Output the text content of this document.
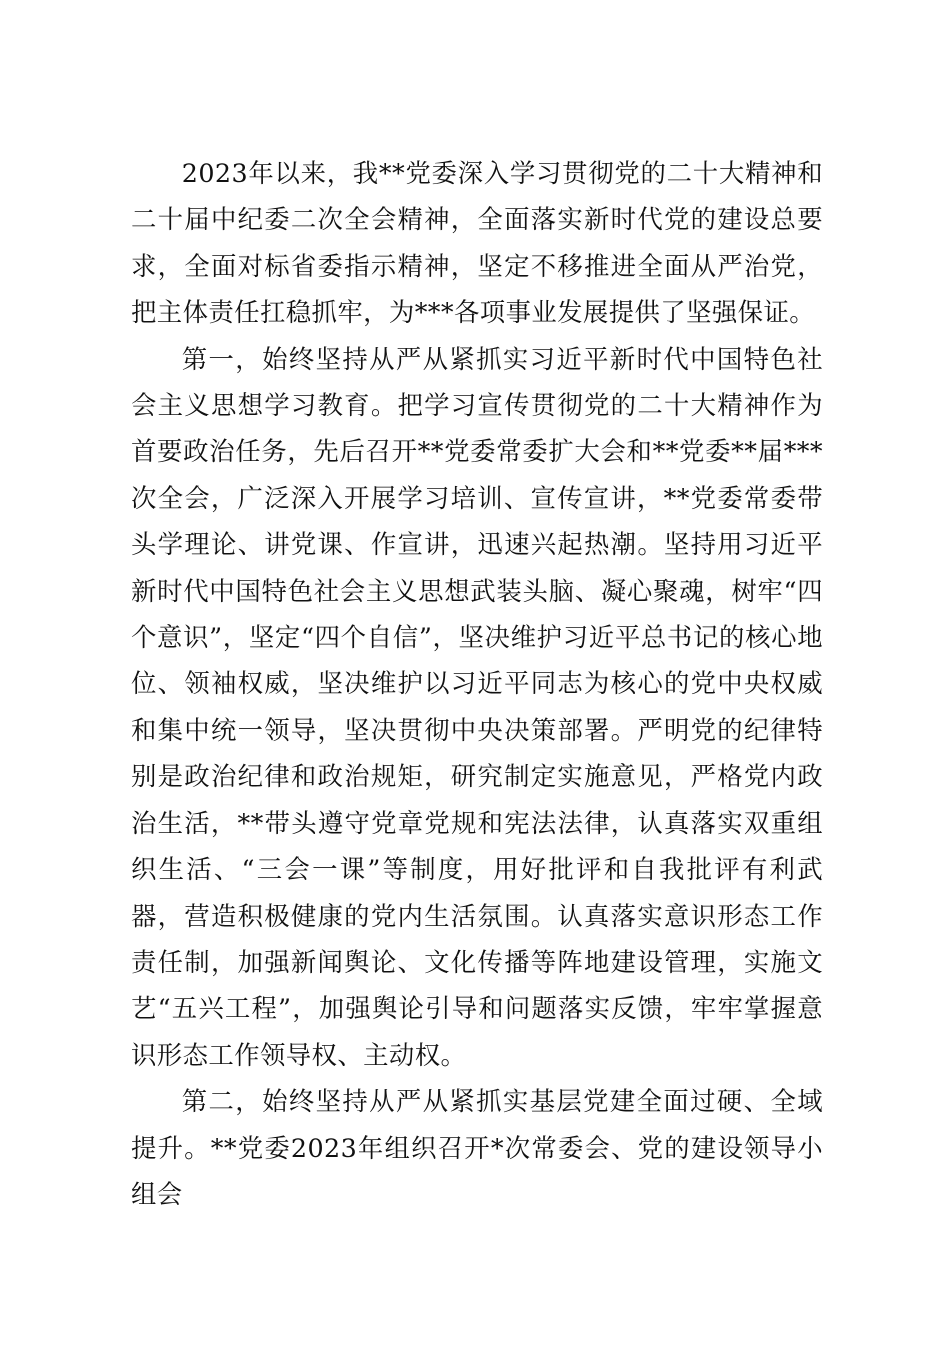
2023年以来，我**党委深入学习贯彻党的二十大精神和二十届中纪委二次全会精神，全面落实新时代党的建设总要求，全面对标省委指示精神，坚定不移推进全面从严治党，把主体责任扛稳抓牢，为***各项事业发展提供了坚强保证。

第一，始终坚持从严从紧抓实习近平新时代中国特色社会主义思想学习教育。把学习宣传贯彻党的二十大精神作为首要政治任务，先后召开**党委常委扩大会和**党委**届***次全会，广泛深入开展学习培训、宣传宣讲，**党委常委带头学理论、讲党课、作宣讲，迅速兴起热潮。坚持用习近平新时代中国特色社会主义思想武装头脑、凝心聚魂，树牢“四个意识”，坚定“四个自信”，坚决维护习近平总书记的核心地位、领袖权威，坚决维护以习近平同志为核心的党中央权威和集中统一领导，坚决贯彻中央决策部署。严明党的纪律特别是政治纪律和政治规矩，研究制定实施意见，严格党内政治生活，**带头遵守党章党规和宪法法律，认真落实双重组织生活、“三会一课”等制度，用好批评和自我批评有利武器，营造积极健康的党内生活氛围。认真落实意识形态工作责任制，加强新闻舆论、文化传播等阵地建设管理，实施文艺“五兴工程”，加强舆论引导和问题落实反馈，牢牢掌握意识形态工作领导权、主动权。

第二，始终坚持从严从紧抓实基层党建全面过硬、全域提升。**党委2023年组织召开*次常委会、党的建设领导小组会
